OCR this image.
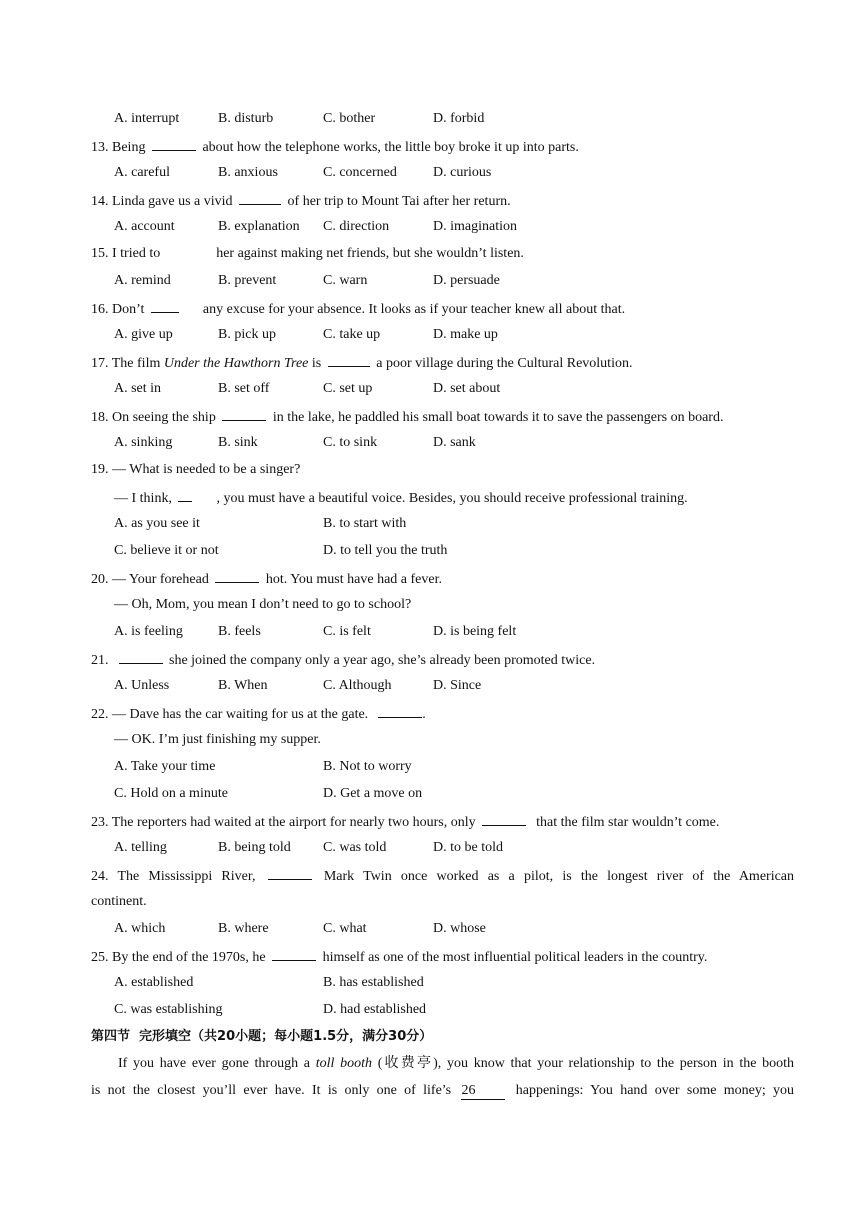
A. interrupt	B. disturb	C. bother	D. forbid
13. Being	about how the telephone works, the little boy broke it up into parts.
A. careful	B. anxious	C. concerned	D. curious
14. Linda gave us a vivid	of her trip to Mount Tai after her return.
A. account	B. explanation C. direction	D. imagination
15. I tried to	her against making net friends, but she wouldn’t listen.
A. remind	B. prevent	C. warn	D. persuade
16. Don’t	any excuse for your absence. It looks as if your teacher knew all about that.
A. give up	B. pick up	C. take up	D. make up
17. The film Under the Hawthorn Tree is	a poor village during the Cultural Revolution.
A. set in	B. set off	C. set up	D. set about
18. On seeing the ship	in the lake, he paddled his small boat towards it to save the passengers on board.
A. sinking	B. sink	C. to sink	D. sank
19. — What is needed to be a singer?
— I think,	, you must have a beautiful voice. Besides, you should receive professional training.
A. as you see it	B. to start with
C. believe it or not	D. to tell you the truth
20. — Your forehead	hot. You must have had a fever.
— Oh, Mom, you mean I don’t need to go to school?
A. is feeling	B. feels	C. is felt	D. is being felt
21.	she joined the company only a year ago, she’s already been promoted twice.
A. Unless	B. When	C. Although	D. Since
22. — Dave has the car waiting for us at the gate.	.
— OK. I’m just finishing my supper.
A. Take your time	B. Not to worry
C. Hold on a minute	D. Get a move on
23. The reporters had waited at the airport for nearly two hours, only	that the film star wouldn’t come.
A. telling	B. being told C. was told	D. to be told
24. The Mississippi River,	Mark Twin once worked as a pilot, is the longest river of the American
continent.
A. which	B. where	C. what	D. whose
25. By the end of the 1970s, he	himself as one of the most influential political leaders in the country.
A. established	B. has established
C. was establishing	D. had established
第四节  完形填空（共20小题；每小题1.5分，满分30分）
If you have ever gone through a toll booth (收费亭), you know that your relationship to the person in the booth
is not the closest you’ll ever have. It is only one of life’s 26	happenings: You hand over some money; you
